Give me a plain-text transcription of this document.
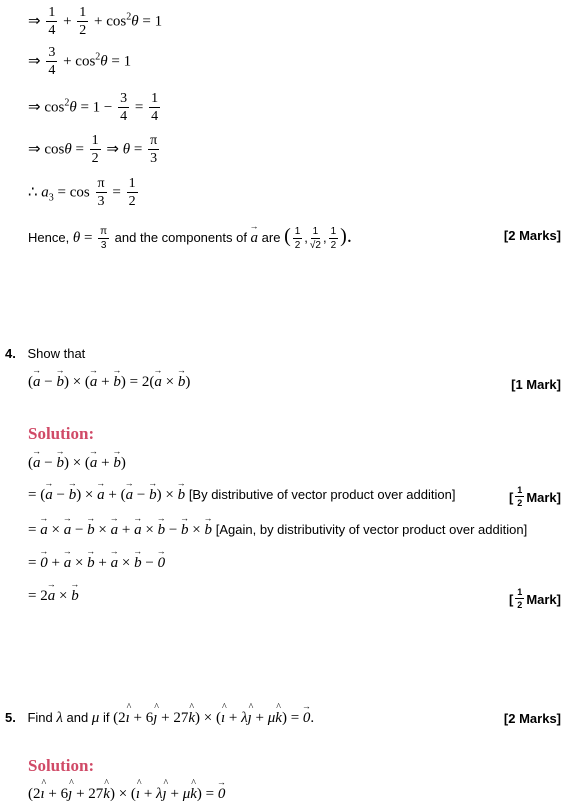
⇒ $\frac{1}{4} + \frac{1}{2} + \cos^2\theta = 1$
⇒ $\frac{3}{4} + \cos^2\theta = 1$
⇒ $\cos^2\theta = 1 - \frac{3}{4} = \frac{1}{4}$
⇒ $\cos\theta = \frac{1}{2}$ ⇒ $\theta = \frac{\pi}{3}$
∴ $a_3 = \cos \frac{\pi}{3} = \frac{1}{2}$
Hence, $\theta = \frac{\pi}{3}$ and the components of a → are ( $\frac{1}{2}$ , $\frac{1}{√2}$ , $\frac{1}{2}$ ).	[2 Marks]
4. Show that
(a → − b →) × (a → + b →) = 2(a → × b →)	[1 Mark]
Solution:
(a → − b →) × (a → + b →)
= (a → − b →) × a → + (a → − b →) × b → [By distributive of vector product over addition]	[ $\frac{1}{2}$ Mark]
= a → × a → − b → × a → + a → × b → − b → × b → [Again, by distributivity of vector product over addition]
= 0 → + a → × b → + a → × b → − 0 →
= 2a → × b →	[ $\frac{1}{2}$ Mark]
5. Find λ and μ if (2ı ^ + 6ȷ ^ + 27k ^) × (ı ^ + λȷ ^ + μk ^) = 0 →.	[2 Marks]
Solution:
(2ı ^ + 6ȷ ^ + 27k ^) × (ı ^ + λȷ ^ + μk ^) = 0 →
